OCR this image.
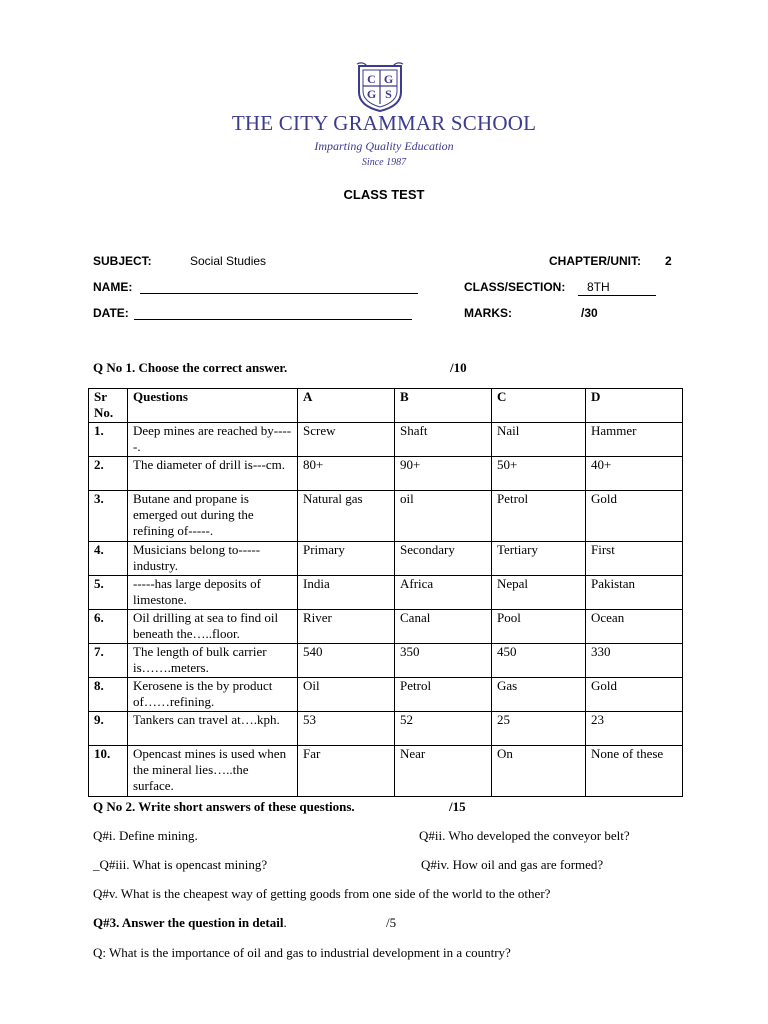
C G
G S
THE CITY GRAMMAR SCHOOL
Imparting Quality Education
Since 1987
CLASS TEST
SUBJECT:	Social Studies	CHAPTER/UNIT: 2
NAME:	CLASS/SECTION:	8TH
DATE:	MARKS:	/30
Q No 1. Choose the correct answer.	/10
Sr No.	Questions	A	B	C	D
1.	Deep mines are reached by-----.	Screw	Shaft	Nail	Hammer
2.	The diameter of drill is---cm.	80+	90+	50+	40+
3.	Butane and propane is emerged out during the refining of-----.	Natural gas	oil	Petrol	Gold
4.	Musicians belong to----- industry.	Primary	Secondary	Tertiary	First
5.	-----has large deposits of limestone.	India	Africa	Nepal	Pakistan
6.	Oil drilling at sea to find oil beneath the…..floor.	River	Canal	Pool	Ocean
7.	The length of bulk carrier is…….meters.	540	350	450	330
8.	Kerosene is the by product of……refining.	Oil	Petrol	Gas	Gold
9.	Tankers can travel at….kph.	53	52	25	23
10.	Opencast mines is used when the mineral lies…..the surface.	Far	Near	On	None of these
Q No 2. Write short answers of these questions.	/15
Q#i. Define mining.	Q#ii. Who developed the conveyor belt?
_Q#iii. What is opencast mining?	Q#iv. How oil and gas are formed?
Q#v. What is the cheapest way of getting goods from one side of the world to the other?
Q#3. Answer the question in detail.	/5
Q: What is the importance of oil and gas to industrial development in a country?
